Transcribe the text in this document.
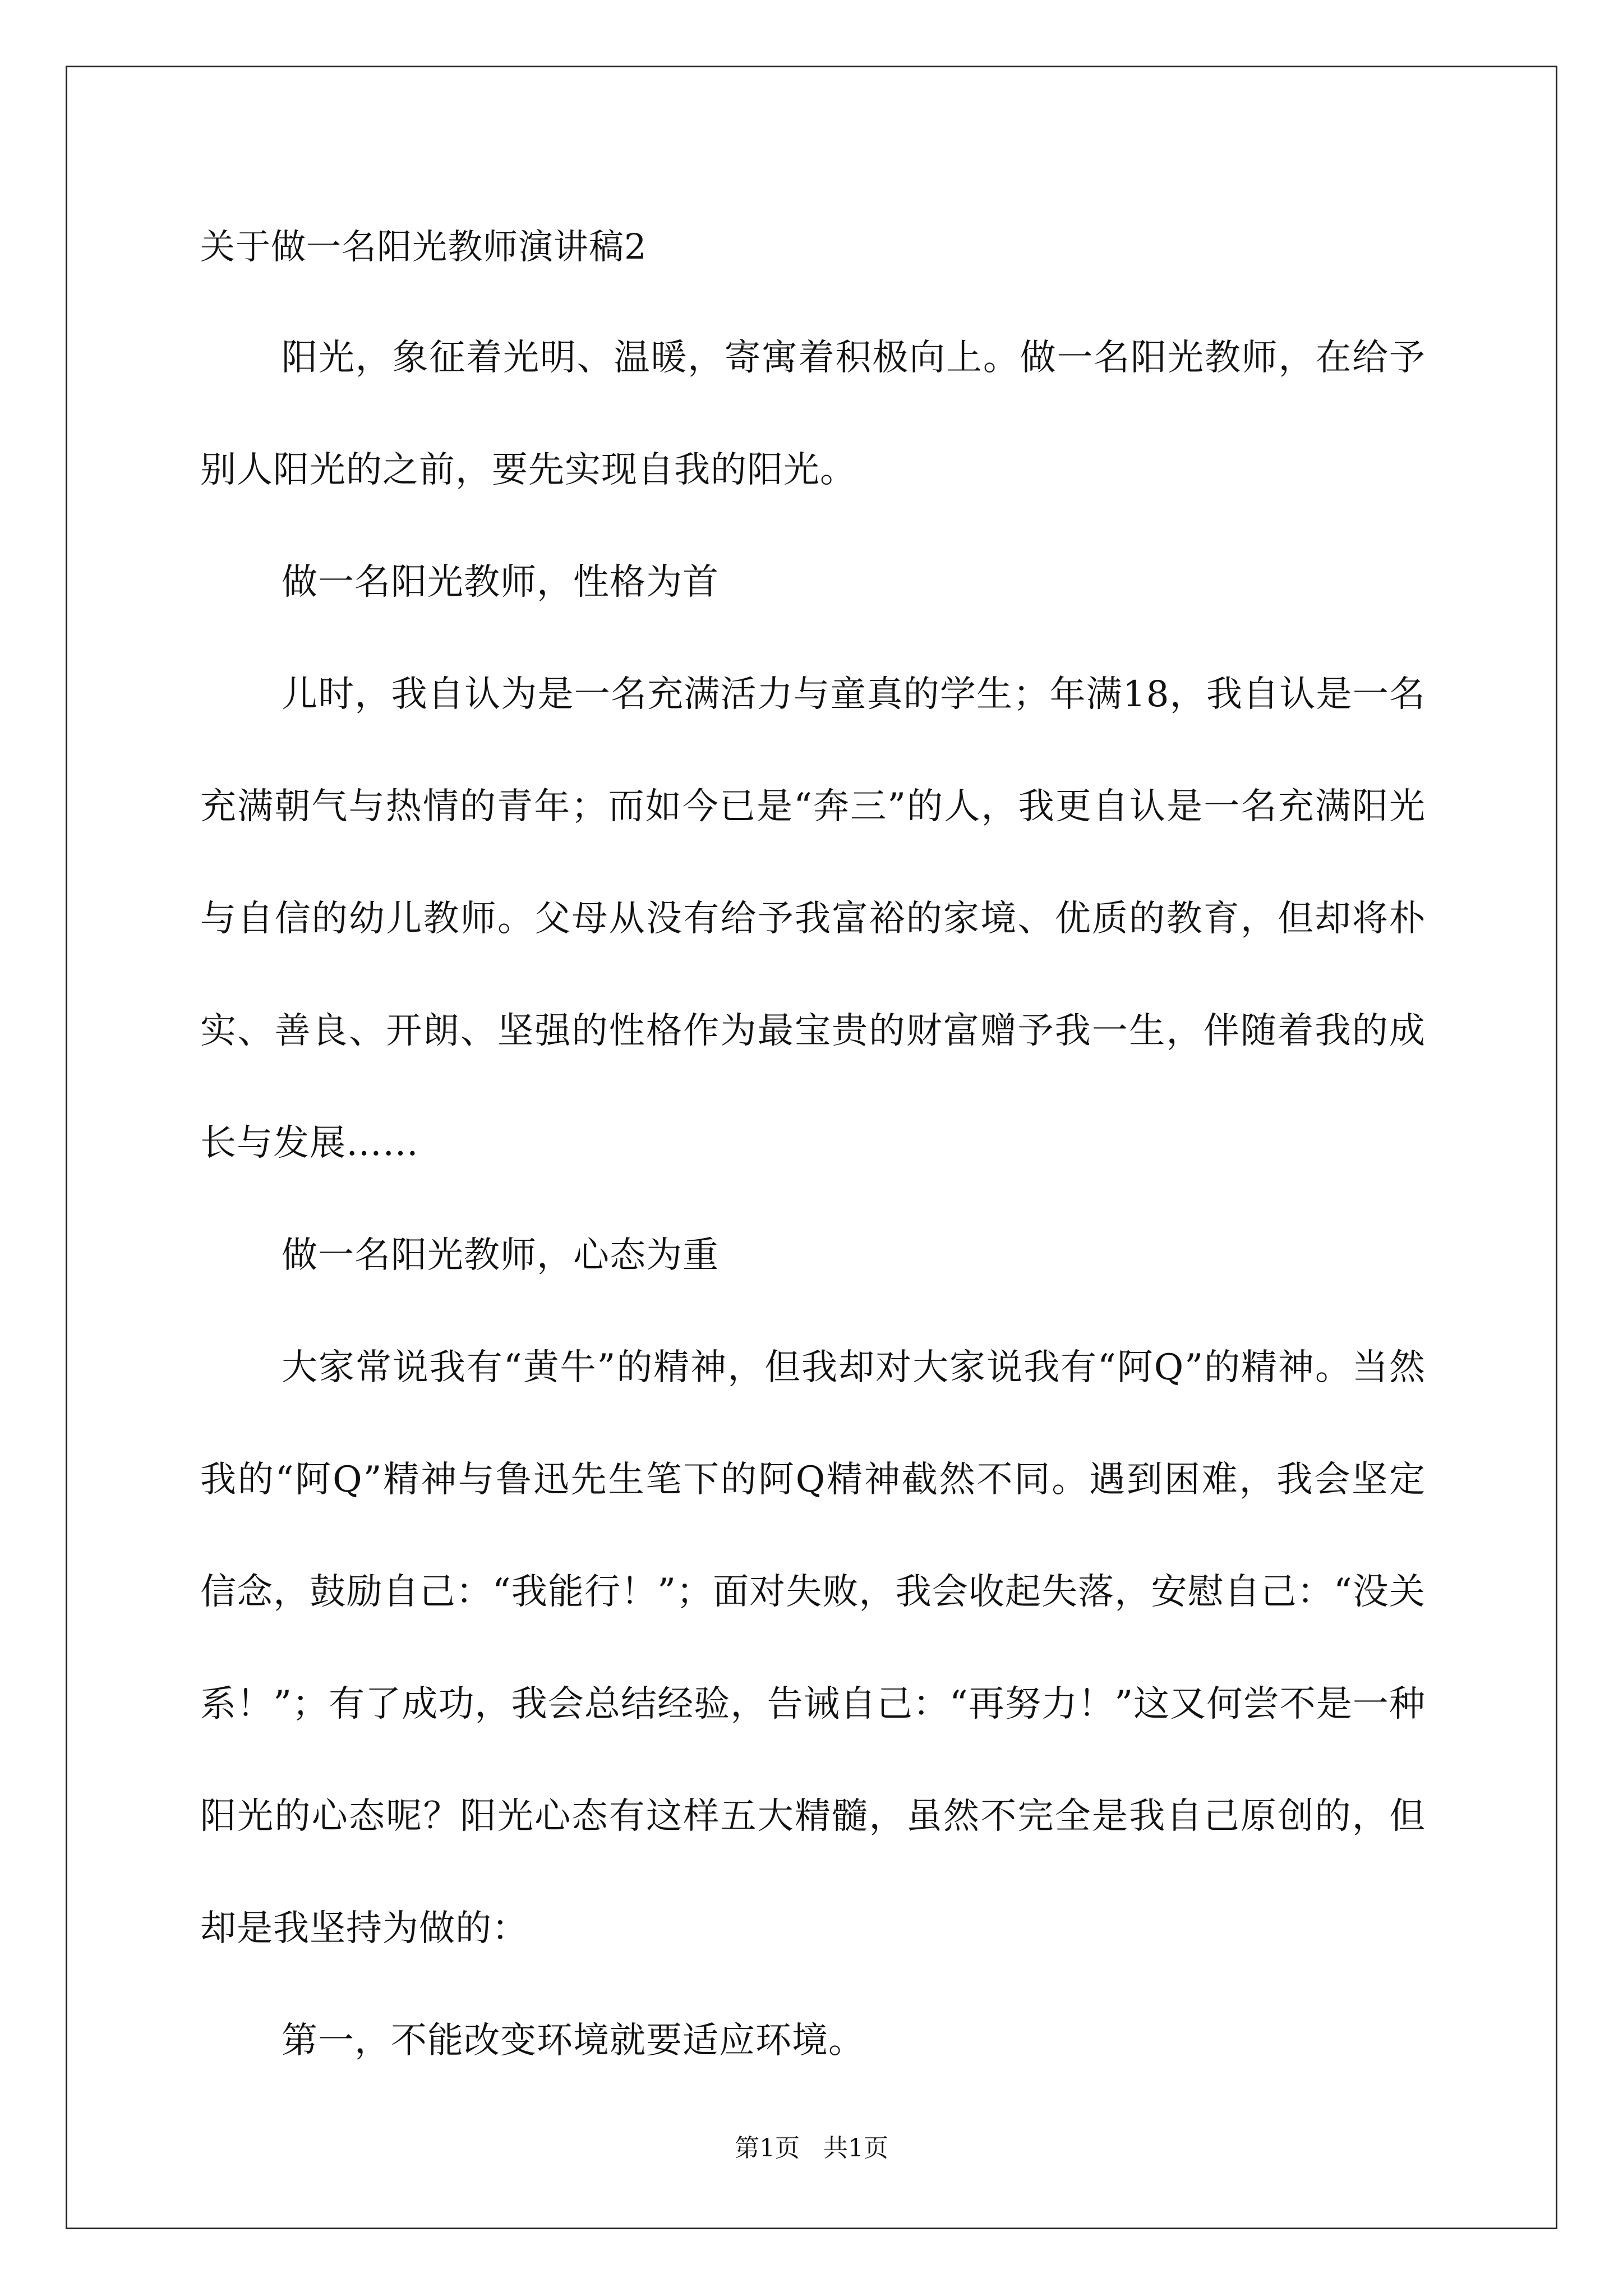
关于做一名阳光教师演讲稿2

阳光，象征着光明、温暖，寄寓着积极向上。做一名阳光教师，在给予别人阳光的之前，要先实现自我的阳光。

做一名阳光教师，性格为首

儿时，我自认为是一名充满活力与童真的学生；年满18，我自认是一名充满朝气与热情的青年；而如今已是“奔三”的人，我更自认是一名充满阳光与自信的幼儿教师。父母从没有给予我富裕的家境、优质的教育，但却将朴实、善良、开朗、坚强的性格作为最宝贵的财富赠予我一生，伴随着我的成长与发展……

做一名阳光教师，心态为重

大家常说我有“黄牛”的精神，但我却对大家说我有“阿Q”的精神。当然我的“阿Q”精神与鲁迅先生笔下的阿Q精神截然不同。遇到困难，我会坚定信念，鼓励自己：“我能行！”；面对失败，我会收起失落，安慰自己：“没关系！”；有了成功，我会总结经验，告诫自己：“再努力！”这又何尝不是一种阳光的心态呢？阳光心态有这样五大精髓，虽然不完全是我自己原创的，但却是我坚持为做的：

第一，不能改变环境就要适应环境。

第1页   共1页
